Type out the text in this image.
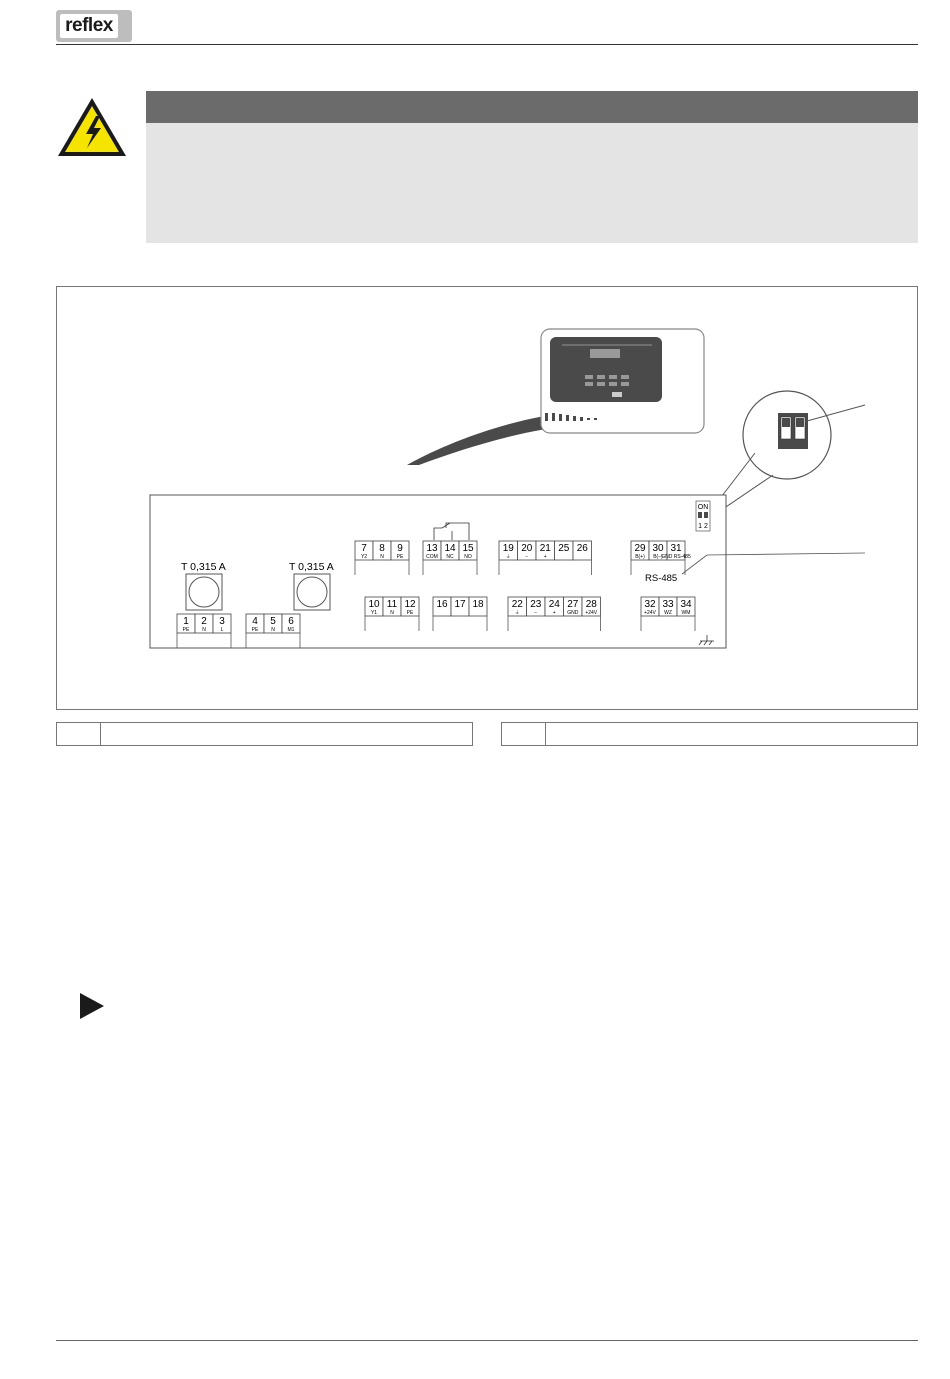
reflex
ON
1 2
RS-485
T 0,315 A	T 0,315 A
1
PE
2
N
3
L
4
PE
5
N
6
M1
7
Y2
8
N
9
PE
10
Y1
11
N
12
PE
13
COM
14
NC
15
NO
16 17 18
19
⏚
20
−
21
+
25 26
22
⏚
23
−
24
+
27
GND
28
+24V
29
B(+)
30
B(−)
31
GND RS-485
32
+24V
33
WZ
34
WM
